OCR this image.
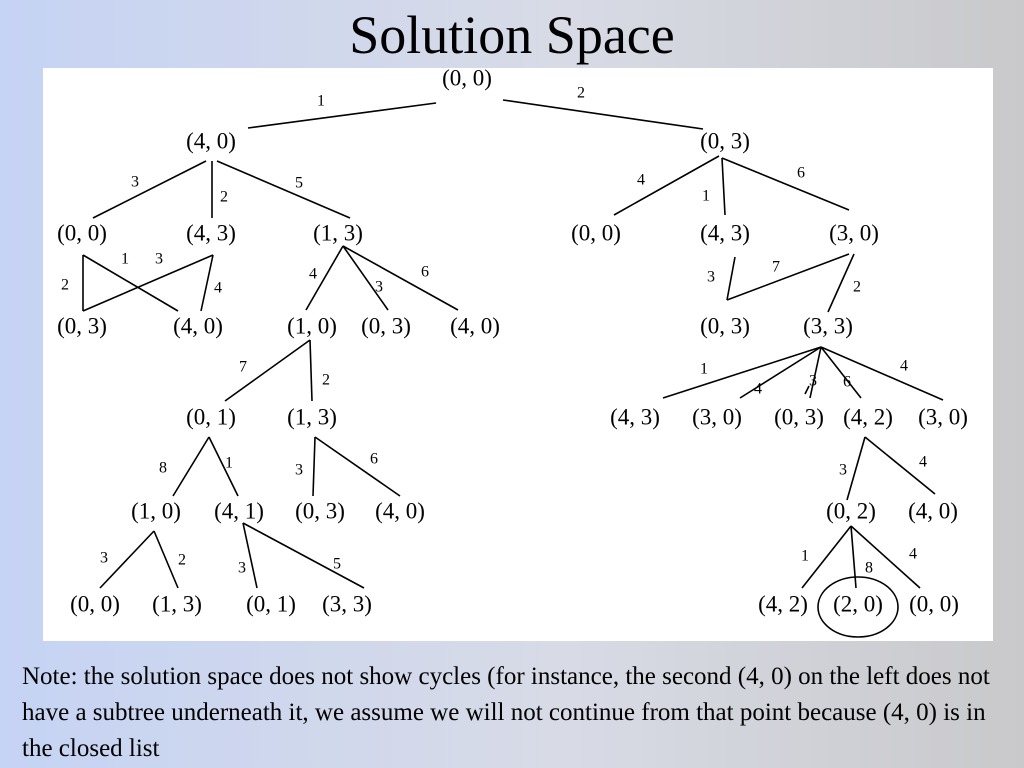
Solution Space
1	2
3
2
5
2
1 3
4
4
3
6
7
2
8	1	3
6
3	2	3	5
4
1
6
3
7
2
1
4	3 6
4
3	4
1
8
4
(0, 0)
(4, 0)	(0, 3)
(0, 0)	(4, 3)	(1, 3)
(0, 3)	(4, 0)	(1, 0) (0, 3) (4, 0)
(0, 1) (1, 3)
(1, 0) (4, 1) (0, 3) (4, 0)
(0, 0) (1, 3) (0, 1) (3, 3)
(0, 0)	(4, 3)	(3, 0)
(0, 3) (3, 3)
(4, 3) (3, 0) (0, 3) (4, 2) (3, 0)
(0, 2) (4, 0)
(4, 2) (2, 0) (0, 0)
Note: the solution space does not show cycles (for instance, the second (4, 0) on the left does not have a subtree underneath it, we assume we will not continue from that point because (4, 0) is in the closed list
